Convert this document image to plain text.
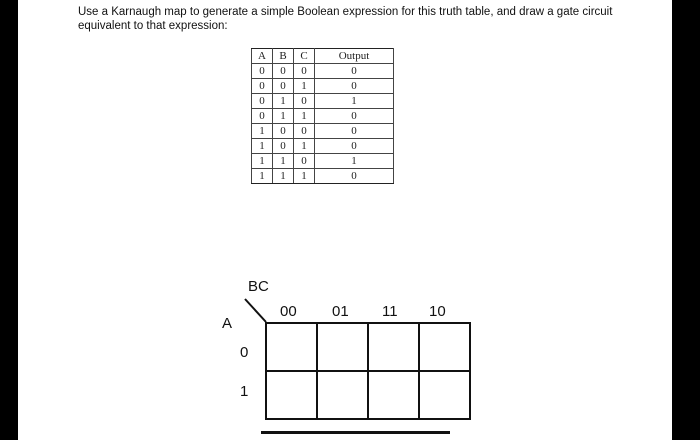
Use a Karnaugh map to generate a simple Boolean expression for this truth table, and draw a gate circuit equivalent to that expression:
A	B	C	Output
0	0	0	0
0	0	1	0
0	1	0	1
0	1	1	0
1	0	0	0
1	0	1	0
1	1	0	1
1	1	1	0
BC
A
00 01 11 10
0
1
